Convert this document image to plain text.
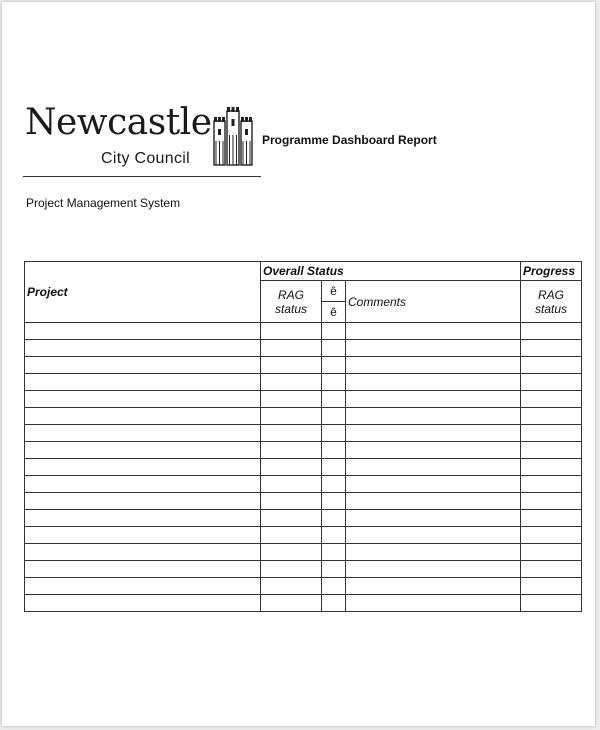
Newcastle
City Council
Programme Dashboard Report
Project Management System
Project	Overall Status			Progress
	RAG status	ê	Comments	RAG status
		ê		
